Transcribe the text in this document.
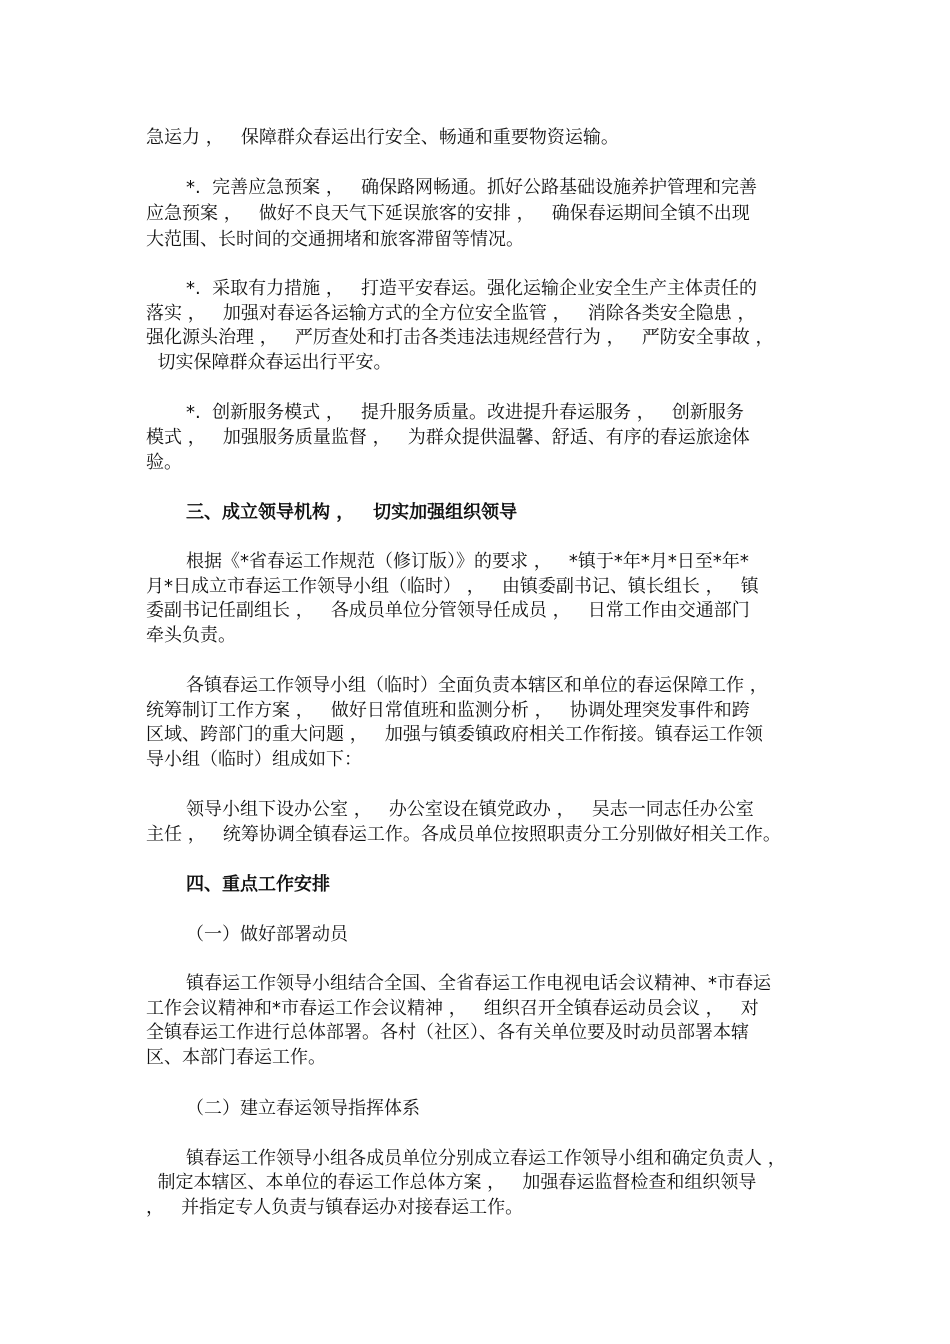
急运力 ，   保障群众春运出行安全、畅通和重要物资运输。
*.  完善应急预案 ，   确保路网畅通。抓好公路基础设施养护管理和完善
应急预案 ，   做好不良天气下延误旅客的安排 ，   确保春运期间全镇不出现
大范围、长时间的交通拥堵和旅客滞留等情况。
*.  采取有力措施 ，   打造平安春运。强化运输企业安全生产主体责任的
落实 ，   加强对春运各运输方式的全方位安全监管 ，   消除各类安全隐患 ，
强化源头治理 ，   严厉查处和打击各类违法违规经营行为 ，   严防安全事故 ，
切实保障群众春运出行平安。
*.  创新服务模式 ，   提升服务质量。改进提升春运服务 ，   创新服务
模式 ，   加强服务质量监督 ，   为群众提供温馨、舒适、有序的春运旅途体
验。
三、成立领导机构 ，   切实加强组织领导
根据《*省春运工作规范（修订版）》的要求 ，   *镇于*年*月*日至*年*
月*日成立市春运工作领导小组（临时） ，   由镇委副书记、镇长组长 ，   镇
委副书记任副组长 ，   各成员单位分管领导任成员 ，   日常工作由交通部门
牵头负责。
各镇春运工作领导小组（临时）全面负责本辖区和单位的春运保障工作 ，
统筹制订工作方案 ，   做好日常值班和监测分析 ，   协调处理突发事件和跨
区域、跨部门的重大问题 ，   加强与镇委镇政府相关工作衔接。镇春运工作领
导小组（临时）组成如下：
领导小组下设办公室 ，   办公室设在镇党政办 ，   吴志一同志任办公室
主任 ，   统筹协调全镇春运工作。各成员单位按照职责分工分别做好相关工作。
四、重点工作安排
（一）做好部署动员
镇春运工作领导小组结合全国、全省春运工作电视电话会议精神、*市春运
工作会议精神和*市春运工作会议精神 ，   组织召开全镇春运动员会议 ，   对
全镇春运工作进行总体部署。各村（社区）、各有关单位要及时动员部署本辖
区、本部门春运工作。
（二）建立春运领导指挥体系
镇春运工作领导小组各成员单位分别成立春运工作领导小组和确定负责人 ，
制定本辖区、本单位的春运工作总体方案 ，   加强春运监督检查和组织领导
，   并指定专人负责与镇春运办对接春运工作。
